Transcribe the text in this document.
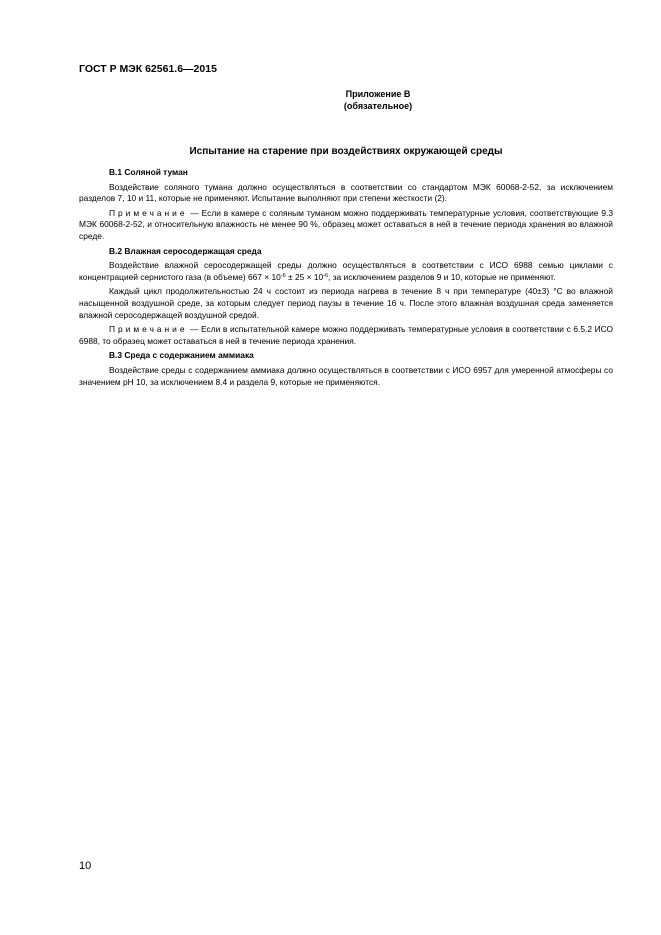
ГОСТ Р МЭК 62561.6—2015
Приложение В
(обязательное)
Испытание на старение при воздействиях окружающей среды
В.1 Соляной туман

Воздействие соляного тумана должно осуществляться в соответствии со стандартом МЭК 60068-2-52, за исключением разделов 7, 10 и 11, которые не применяют. Испытание выполняют при степени жесткости (2).

Примечание — Если в камере с соляным туманом можно поддерживать температурные условия, соответствующие 9.3 МЭК 60068-2-52, и относительную влажность не менее 90 %, образец может оставаться в ней в течение периода хранения во влажной среде.

В.2 Влажная серосодержащая среда

Воздействие влажной серосодержащей среды должно осуществляться в соответствии с ИСО 6988 семью циклами с концентрацией сернистого газа (в объеме) $667 \times 10^{-6} \pm 25 \times 10^{-6}$, за исключением разделов 9 и 10, которые не применяют.

Каждый цикл продолжительностью 24 ч состоит из периода нагрева в течение 8 ч при температуре (40±3) °С во влажной насыщенной воздушной среде, за которым следует период паузы в течение 16 ч. После этого влажная воздушная среда заменяется влажной серосодержащей воздушной средой.

Примечание — Если в испытательной камере можно поддерживать температурные условия в соответствии с 6.5.2 ИСО 6988, то образец может оставаться в ней в течение периода хранения.

В.3 Среда с содержанием аммиака

Воздействие среды с содержанием аммиака должно осуществляться в соответствии с ИСО 6957 для умеренной атмосферы со значением рН 10, за исключением 8.4 и раздела 9, которые не применяются.

10
